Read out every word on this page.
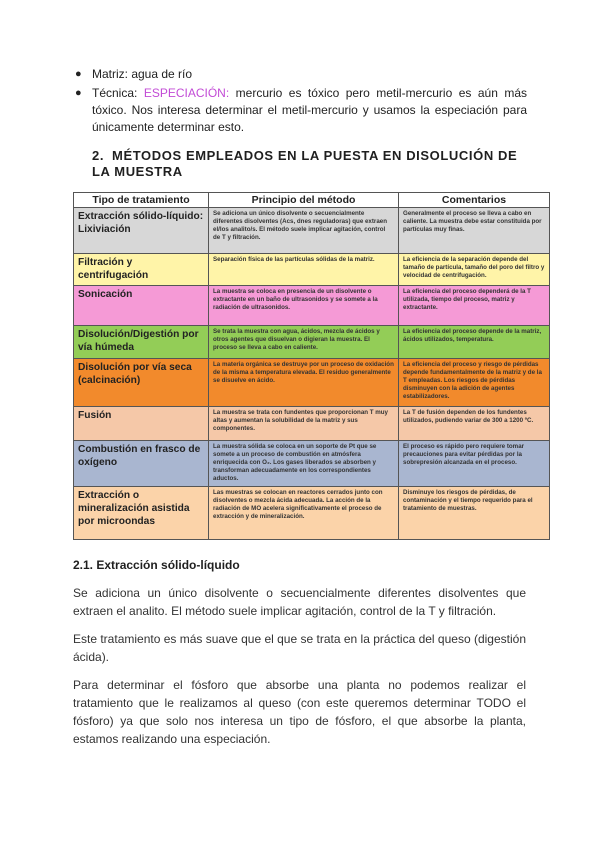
● Matriz: agua de río
● Técnica: ESPECIACIÓN: mercurio es tóxico pero metil-mercurio es aún más tóxico. Nos interesa determinar el metil-mercurio y usamos la especiación para únicamente determinar esto.
2. MÉTODOS EMPLEADOS EN LA PUESTA EN DISOLUCIÓN DE LA MUESTRA
Tipo de tratamiento	Principio del método	Comentarios
Extracción sólido-líquido: Lixiviación	Se adiciona un único disolvente o secuencialmente diferentes disolventes (Acs, dnes reguladoras) que extraen el/los analito/s. El método suele implicar agitación, control de T y filtración.	Generalmente el proceso se lleva a cabo en caliente. La muestra debe estar constituida por partículas muy finas.
Filtración y centrifugación	Separación física de las partículas sólidas de la matriz.	La eficiencia de la separación depende del tamaño de partícula, tamaño del poro del filtro y velocidad de centrifugación.
Sonicación	La muestra se coloca en presencia de un disolvente o extractante en un baño de ultrasonidos y se somete a la radiación de ultrasonidos.	La eficiencia del proceso dependerá de la T utilizada, tiempo del proceso, matriz y extractante.
Disolución/Digestión por vía húmeda	Se trata la muestra con agua, ácidos, mezcla de ácidos y otros agentes que disuelvan o digieran la muestra. El proceso se lleva a cabo en caliente.	La eficiencia del proceso depende de la matriz, ácidos utilizados, temperatura.
Disolución por vía seca (calcinación)	La materia orgánica se destruye por un proceso de oxidación de la misma a temperatura elevada. El residuo generalmente se disuelve en ácido.	La eficiencia del proceso y riesgo de pérdidas depende fundamentalmente de la matriz y de la T empleadas. Los riesgos de pérdidas disminuyen con la adición de agentes estabilizadores.
Fusión	La muestra se trata con fundentes que proporcionan T muy altas y aumentan la solubilidad de la matriz y sus componentes.	La T de fusión dependen de los fundentes utilizados, pudiendo variar de 300 a 1200 ºC.
Combustión en frasco de oxígeno	La muestra sólida se coloca en un soporte de Pt que se somete a un proceso de combustión en atmósfera enriquecida con O₂. Los gases liberados se absorben y transforman adecuadamente en los correspondientes aductos.	El proceso es rápido pero requiere tomar precauciones para evitar pérdidas por la sobrepresión alcanzada en el proceso.
Extracción o mineralización asistida por microondas	Las muestras se colocan en reactores cerrados junto con disolventes o mezcla ácida adecuada. La acción de la radiación de MO acelera significativamente el proceso de extracción y de mineralización.	Disminuye los riesgos de pérdidas, de contaminación y el tiempo requerido para el tratamiento de muestras.
2.1. Extracción sólido-líquido

Se adiciona un único disolvente o secuencialmente diferentes disolventes que extraen el analito. El método suele implicar agitación, control de la T y filtración.

Este tratamiento es más suave que el que se trata en la práctica del queso (digestión ácida).

Para determinar el fósforo que absorbe una planta no podemos realizar el tratamiento que le realizamos al queso (con este queremos determinar TODO el fósforo) ya que solo nos interesa un tipo de fósforo, el que absorbe la planta, estamos realizando una especiación.
